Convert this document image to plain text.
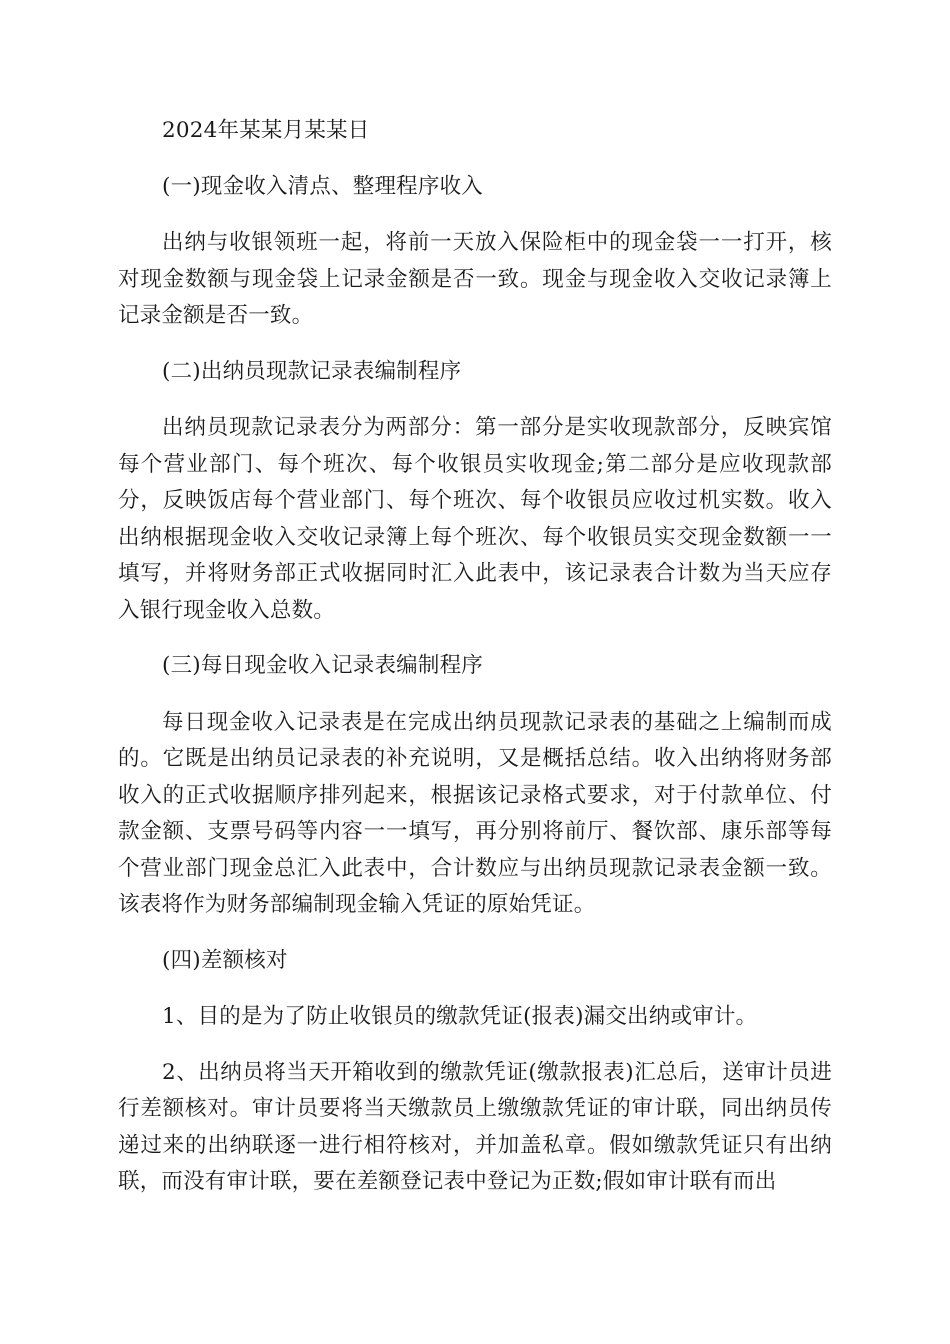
2024年某某月某某日

(一)现金收入清点、整理程序收入

出纳与收银领班一起，将前一天放入保险柜中的现金袋一一打开，核对现金数额与现金袋上记录金额是否一致。现金与现金收入交收记录簿上记录金额是否一致。

(二)出纳员现款记录表编制程序

出纳员现款记录表分为两部分：第一部分是实收现款部分，反映宾馆每个营业部门、每个班次、每个收银员实收现金;第二部分是应收现款部分，反映饭店每个营业部门、每个班次、每个收银员应收过机实数。收入出纳根据现金收入交收记录簿上每个班次、每个收银员实交现金数额一一填写，并将财务部正式收据同时汇入此表中，该记录表合计数为当天应存入银行现金收入总数。

(三)每日现金收入记录表编制程序

每日现金收入记录表是在完成出纳员现款记录表的基础之上编制而成的。它既是出纳员记录表的补充说明，又是概括总结。收入出纳将财务部收入的正式收据顺序排列起来，根据该记录格式要求，对于付款单位、付款金额、支票号码等内容一一填写，再分别将前厅、餐饮部、康乐部等每个营业部门现金总汇入此表中，合计数应与出纳员现款记录表金额一致。该表将作为财务部编制现金输入凭证的原始凭证。

(四)差额核对

1、目的是为了防止收银员的缴款凭证(报表)漏交出纳或审计。

2、出纳员将当天开箱收到的缴款凭证(缴款报表)汇总后，送审计员进行差额核对。审计员要将当天缴款员上缴缴款凭证的审计联，同出纳员传递过来的出纳联逐一进行相符核对，并加盖私章。假如缴款凭证只有出纳联，而没有审计联，要在差额登记表中登记为正数;假如审计联有而出
